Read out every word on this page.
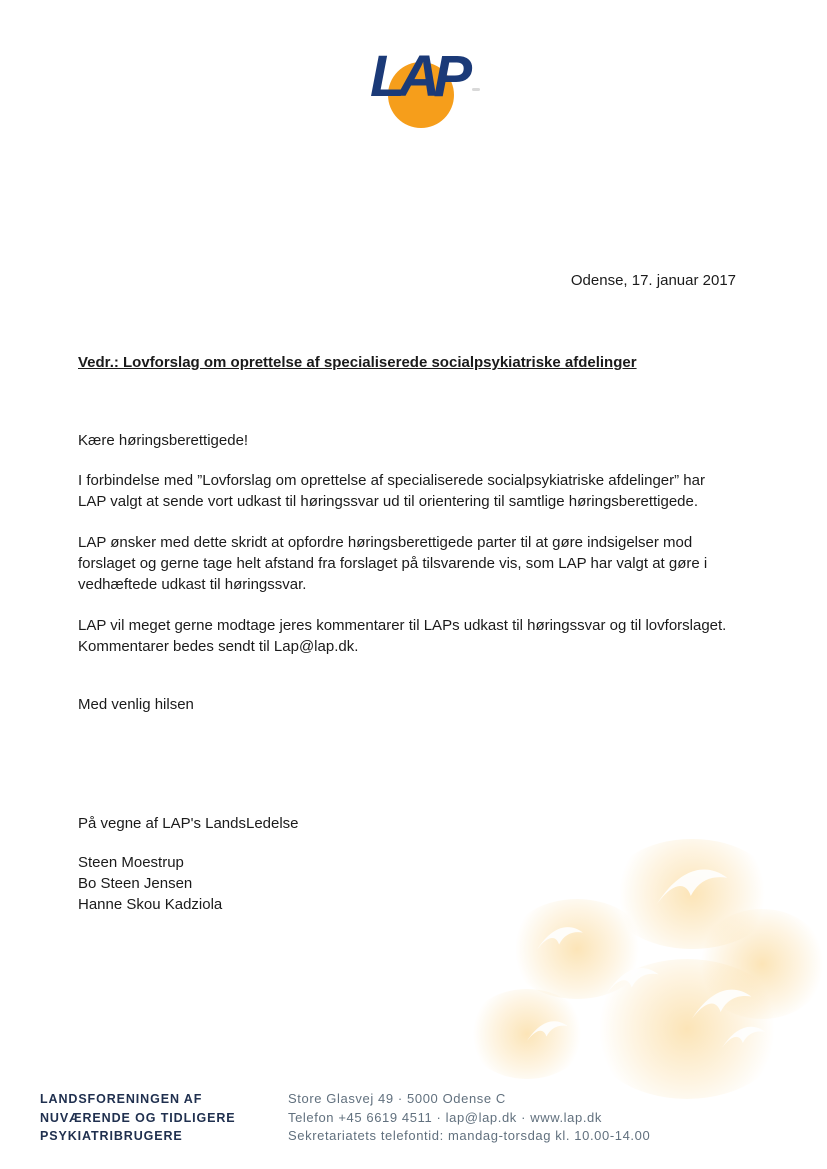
LAP
Odense, 17. januar 2017
Vedr.: Lovforslag om oprettelse af specialiserede socialpsykiatriske afdelinger
Kære høringsberettigede!

I forbindelse med ”Lovforslag om oprettelse af specialiserede socialpsykiatriske afdelinger” har LAP valgt at sende vort udkast til høringssvar ud til orientering til samtlige høringsberettigede.

LAP ønsker med dette skridt at opfordre høringsberettigede parter til at gøre indsigelser mod forslaget og gerne tage helt afstand fra forslaget på tilsvarende vis, som LAP har valgt at gøre i vedhæftede udkast til høringssvar.

LAP vil meget gerne modtage jeres kommentarer til LAPs udkast til høringssvar og til lovforslaget. Kommentarer bedes sendt til Lap@lap.dk.

Med venlig hilsen
På vegne af LAP's LandsLedelse
Steen Moestrup
Bo Steen Jensen
Hanne Skou Kadziola
LANDSFORENINGEN AF
NUVÆRENDE OG TIDLIGERE
PSYKIATRIBRUGERE
Store Glasvej 49 · 5000 Odense C
Telefon +45 6619 4511 · lap@lap.dk · www.lap.dk
Sekretariatets telefontid: mandag-torsdag kl. 10.00-14.00
